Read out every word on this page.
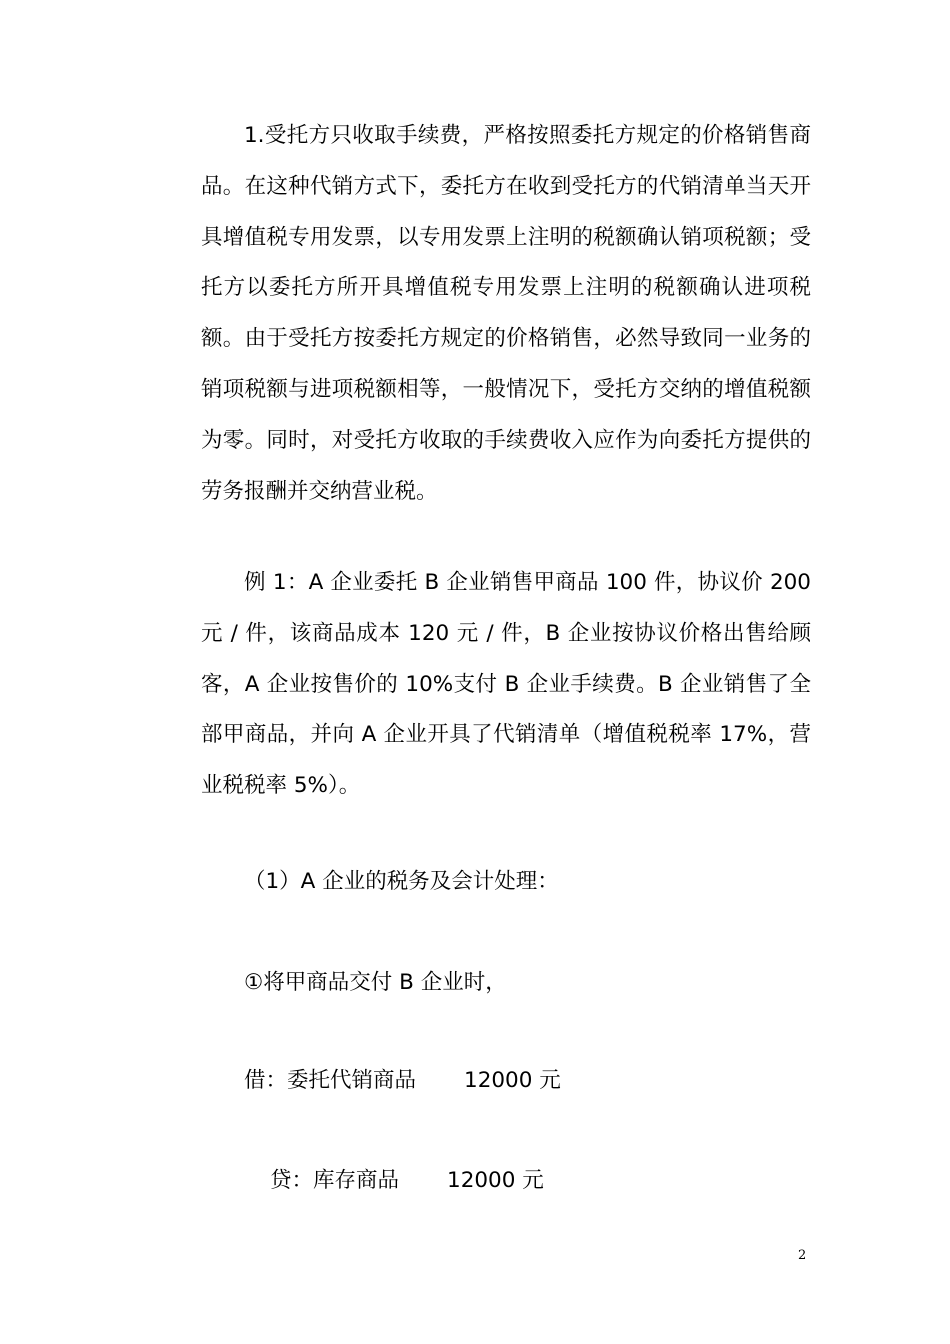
1.受托方只收取手续费，严格按照委托方规定的价格销售商品。在这种代销方式下，委托方在收到受托方的代销清单当天开具增值税专用发票，以专用发票上注明的税额确认销项税额；受托方以委托方所开具增值税专用发票上注明的税额确认进项税额。由于受托方按委托方规定的价格销售，必然导致同一业务的销项税额与进项税额相等，一般情况下，受托方交纳的增值税额为零。同时，对受托方收取的手续费收入应作为向委托方提供的劳务报酬并交纳营业税。

例 1：A 企业委托 B 企业销售甲商品 100 件，协议价 200 元 / 件，该商品成本 120 元 / 件，B 企业按协议价格出售给顾客，A 企业按售价的 10%支付 B 企业手续费。B 企业销售了全部甲商品，并向 A 企业开具了代销清单（增值税税率 17%，营业税税率 5%）。

（1）A 企业的税务及会计处理：
①将甲商品交付 B 企业时，
借：委托代销商品 12000 元
贷：库存商品 12000 元
2
